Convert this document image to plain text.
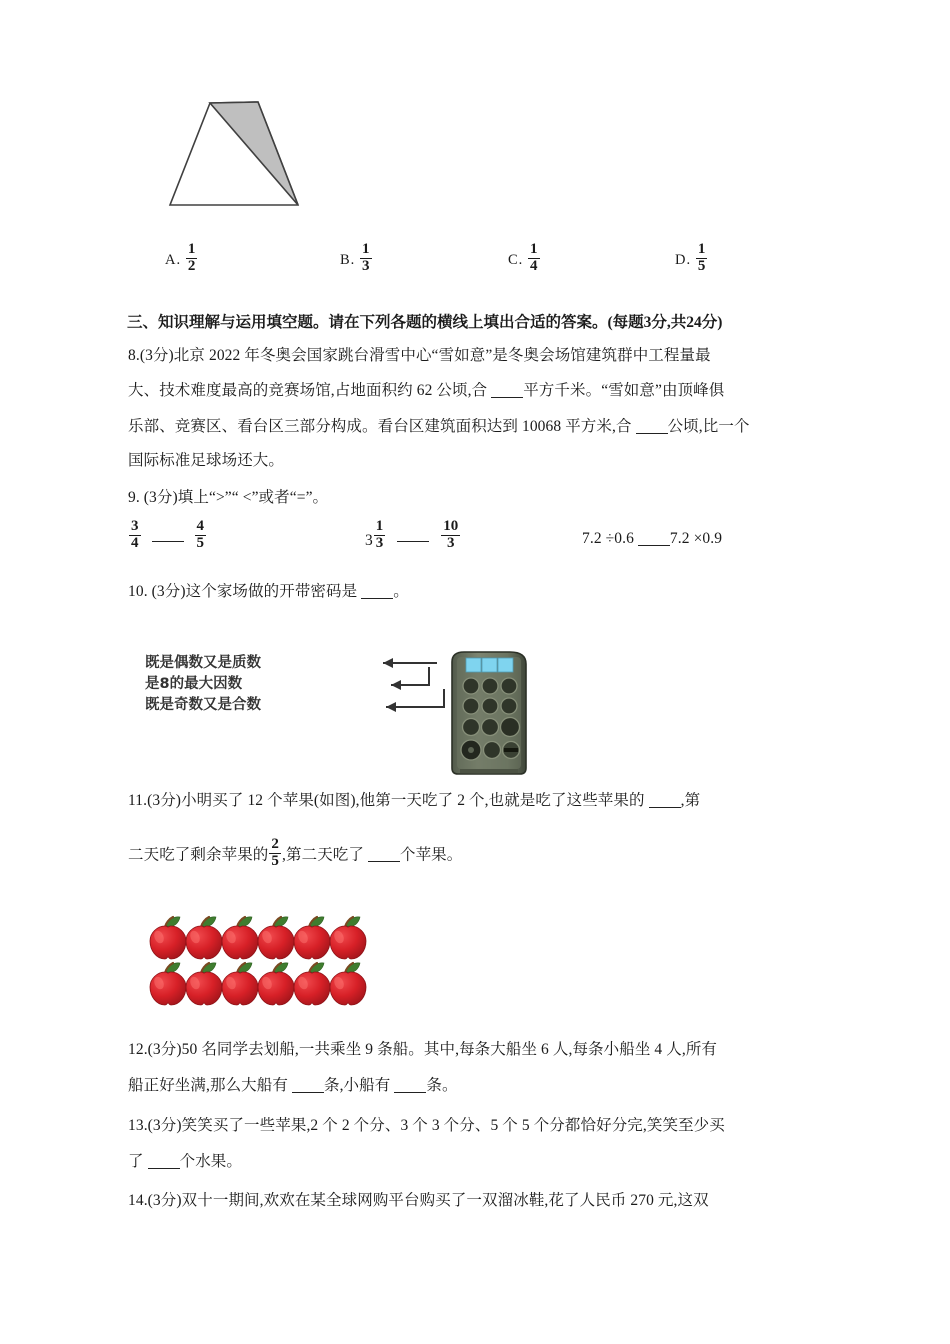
A. $\frac{1}{2}$	B. $\frac{1}{3}$	C. $\frac{1}{4}$	D. $\frac{1}{5}$
三、知识理解与运用填空题。请在下列各题的横线上填出合适的答案。(每题3分,共24分)
8.(3分)北京 2022 年冬奥会国家跳台滑雪中心“雪如意”是冬奥会场馆建筑群中工程量最
大、技术难度最高的竞赛场馆,占地面积约 62 公顷,合 平方千米。“雪如意”由顶峰俱
乐部、竞赛区、看台区三部分构成。看台区建筑面积达到 10068 平方米,合 公顷,比一个
国际标准足球场还大。
9. (3分)填上“>”“ <”或者“=”。
$\frac{3}{4}$
	$\frac{4}{5}$	$3 \frac{1}{3}$
	$\frac{10}{3}$	7.2 ÷0.6 7.2 ×0.9
10. (3分)这个家场做的开带密码是 。
既是偶数又是质数
是8的最大因数
既是奇数又是合数
11.(3分)小明买了 12 个苹果(如图),他第一天吃了 2 个,也就是吃了这些苹果的 ,第
二天吃了剩余苹果的 $\frac{2}{5}$ ,第二天吃了 个苹果。
12.(3分)50 名同学去划船,一共乘坐 9 条船。其中,每条大船坐 6 人,每条小船坐 4 人,所有
船正好坐满,那么大船有 条,小船有 条。
13.(3分)笑笑买了一些苹果,2 个 2 个分、3 个 3 个分、5 个 5 个分都恰好分完,笑笑至少买
了 个水果。
14.(3分)双十一期间,欢欢在某全球网购平台购买了一双溜冰鞋,花了人民币 270 元,这双
